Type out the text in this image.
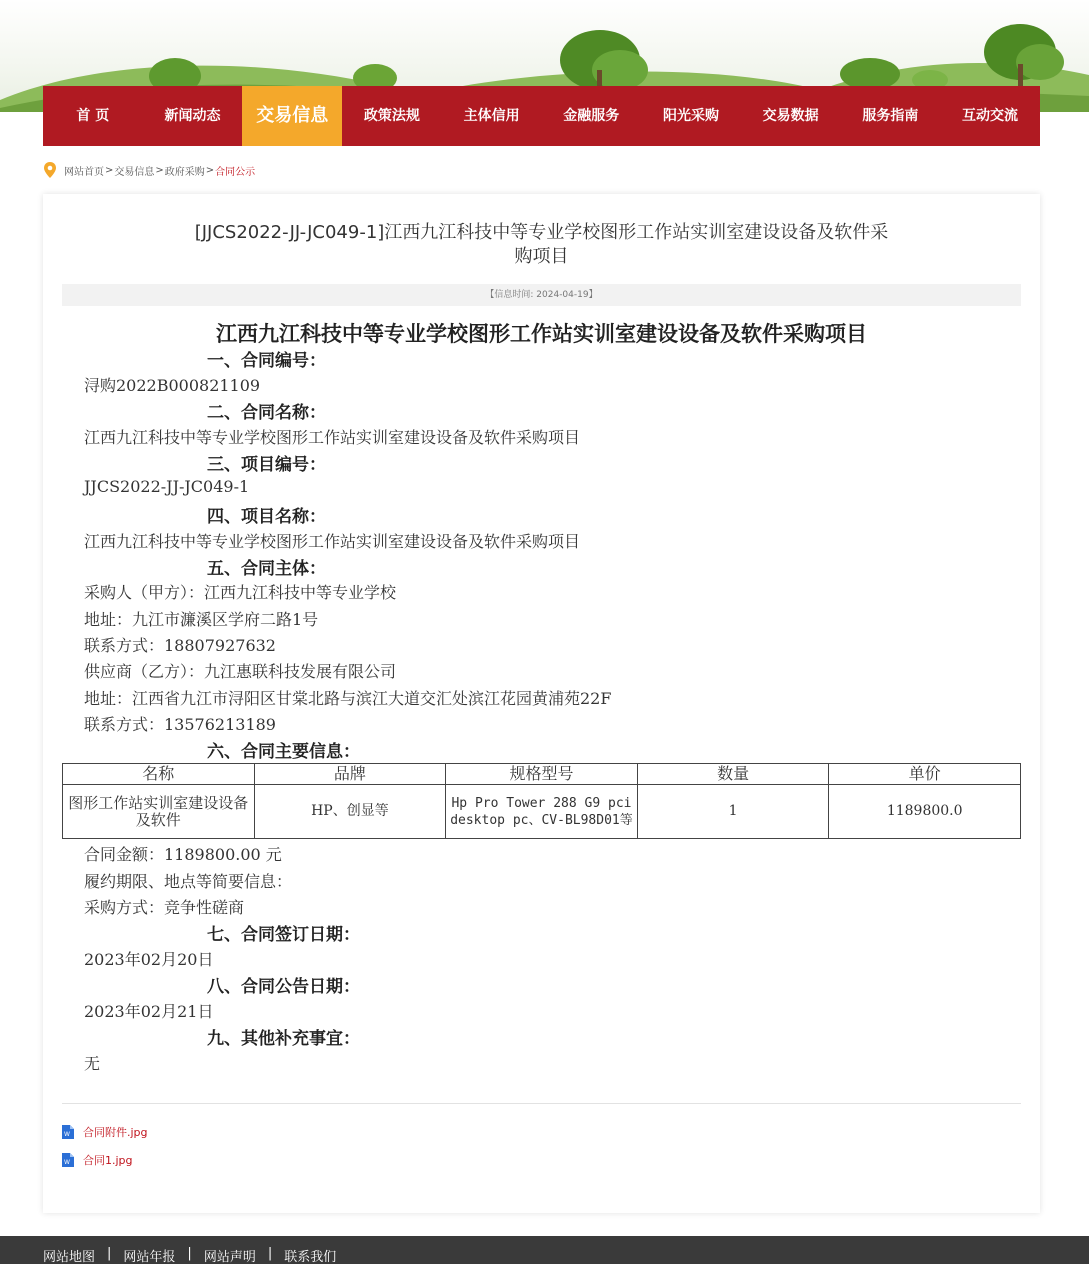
首 页	新闻动态	交易信息	政策法规	主体信用	金融服务	阳光采购	交易数据	服务指南	互动交流
网站首页 > 交易信息 > 政府采购 > 合同公示
[JJCS2022-JJ-JC049-1]江西九江科技中等专业学校图形工作站实训室建设设备及软件采购项目
【信息时间: 2024-04-19】
江西九江科技中等专业学校图形工作站实训室建设设备及软件采购项目
一、合同编号：
浔购2022B000821109
二、合同名称：
江西九江科技中等专业学校图形工作站实训室建设设备及软件采购项目
三、项目编号：
JJCS2022-JJ-JC049-1
四、项目名称：
江西九江科技中等专业学校图形工作站实训室建设设备及软件采购项目
五、合同主体：
采购人（甲方）：江西九江科技中等专业学校
地址：九江市濂溪区学府二路1号
联系方式：18807927632
供应商（乙方）：九江惠联科技发展有限公司
地址：江西省九江市浔阳区甘棠北路与滨江大道交汇处滨江花园黄浦苑22F
联系方式：13576213189
六、合同主要信息：
名称	品牌	规格型号	数量	单价
图形工作站实训室建设设备及软件	HP、创显等	Hp Pro Tower 288 G9 pci desktop pc、CV-BL98D01等	1	1189800.0
合同金额：1189800.00 元
履约期限、地点等简要信息：
采购方式：竞争性磋商
七、合同签订日期：
2023年02月20日
八、合同公告日期：
2023年02月21日
九、其他补充事宜：
无
W 合同附件.jpg
W 合同1.jpg
网站地图 | 网站年报 | 网站声明 | 联系我们
